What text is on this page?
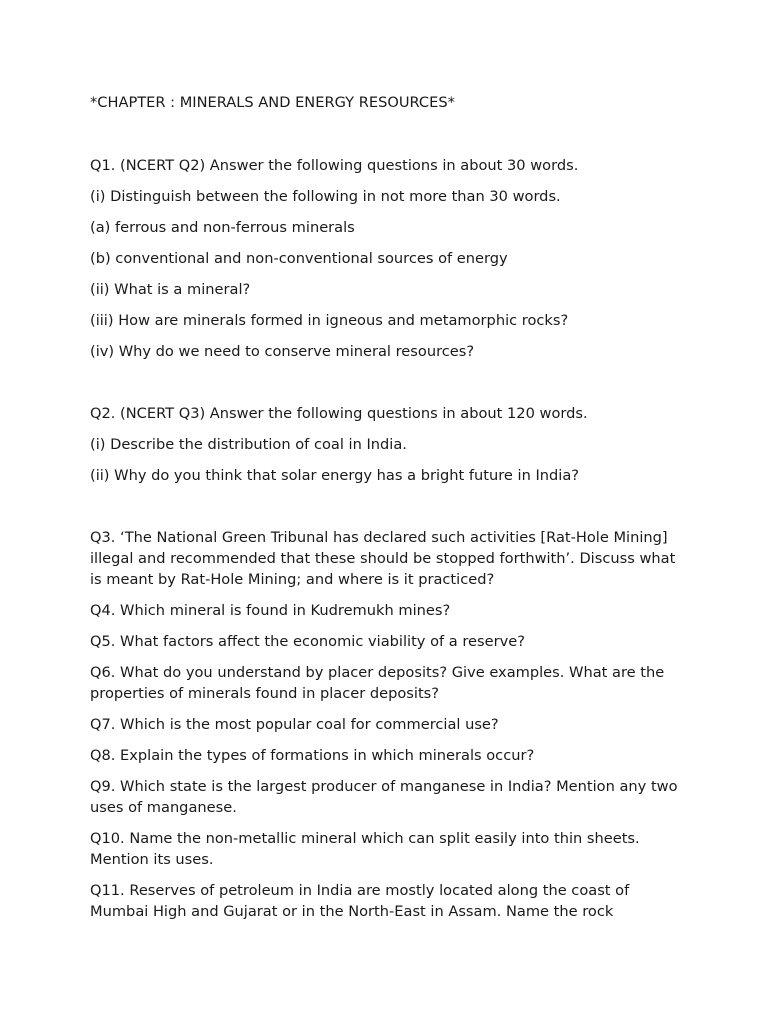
*CHAPTER : MINERALS AND ENERGY RESOURCES*

Q1. (NCERT Q2) Answer the following questions in about 30 words.

(i) Distinguish between the following in not more than 30 words.

(a) ferrous and non-ferrous minerals

(b) conventional and non-conventional sources of energy

(ii) What is a mineral?

(iii) How are minerals formed in igneous and metamorphic rocks?

(iv) Why do we need to conserve mineral resources?

Q2. (NCERT Q3) Answer the following questions in about 120 words.

(i) Describe the distribution of coal in India.

(ii) Why do you think that solar energy has a bright future in India?

Q3. ‘The National Green Tribunal has declared such activities [Rat-Hole Mining] illegal and recommended that these should be stopped forthwith’. Discuss what is meant by Rat-Hole Mining; and where is it practiced?

Q4. Which mineral is found in Kudremukh mines?

Q5. What factors affect the economic viability of a reserve?

Q6. What do you understand by placer deposits? Give examples. What are the properties of minerals found in placer deposits?

Q7. Which is the most popular coal for commercial use?

Q8. Explain the types of formations in which minerals occur?

Q9. Which state is the largest producer of manganese in India? Mention any two uses of manganese.

Q10. Name the non-metallic mineral which can split easily into thin sheets. Mention its uses.

Q11. Reserves of petroleum in India are mostly located along the coast of Mumbai High and Gujarat or in the North-East in Assam. Name the rock
